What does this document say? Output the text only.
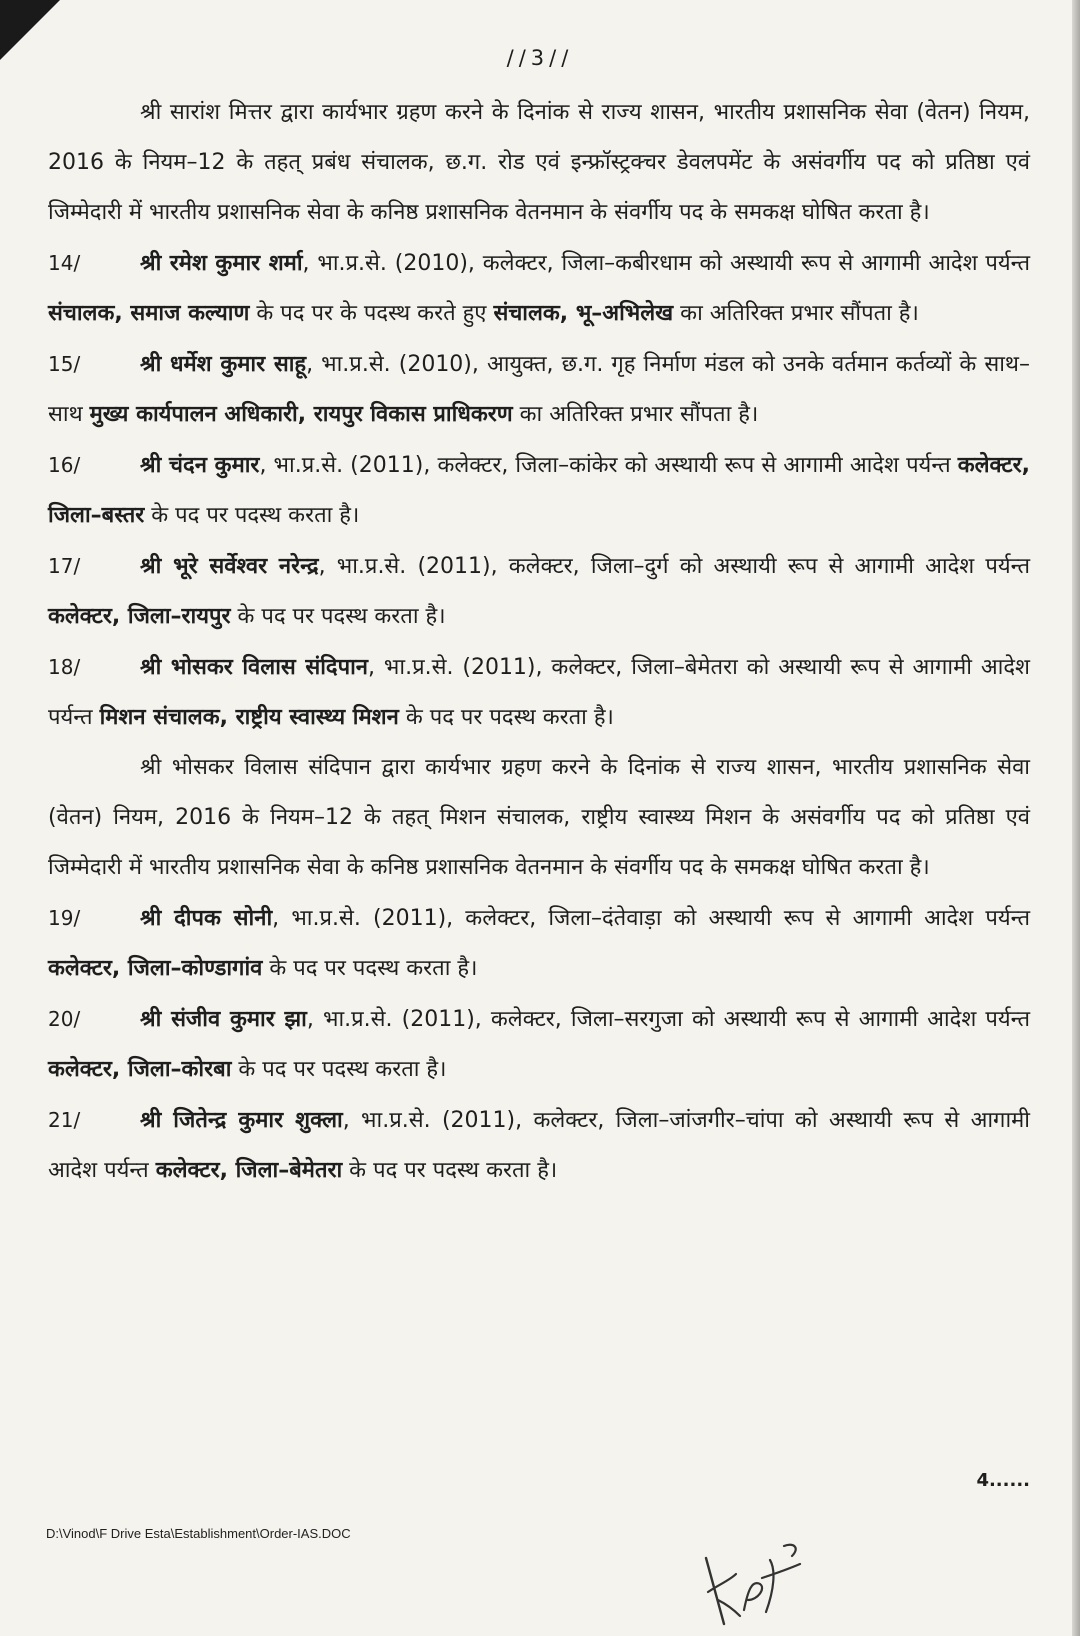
//3//

श्री सारांश मित्तर द्वारा कार्यभार ग्रहण करने के दिनांक से राज्य शासन, भारतीय प्रशासनिक सेवा (वेतन) नियम, 2016 के नियम–12 के तहत् प्रबंध संचालक, छ.ग. रोड एवं इन्फ्रॉस्ट्रक्चर डेवलपमेंट के असंवर्गीय पद को प्रतिष्ठा एवं जिम्मेदारी में भारतीय प्रशासनिक सेवा के कनिष्ठ प्रशासनिक वेतनमान के संवर्गीय पद के समकक्ष घोषित करता है।

14/	श्री रमेश कुमार शर्मा, भा.प्र.से. (2010), कलेक्टर, जिला–कबीरधाम को अस्थायी रूप से आगामी आदेश पर्यन्त संचालक, समाज कल्याण के पद पर के पदस्थ करते हुए संचालक, भू–अभिलेख का अतिरिक्त प्रभार सौंपता है।

15/	श्री धर्मेश कुमार साहू, भा.प्र.से. (2010), आयुक्त, छ.ग. गृह निर्माण मंडल को उनके वर्तमान कर्तव्यों के साथ–साथ मुख्य कार्यपालन अधिकारी, रायपुर विकास प्राधिकरण का अतिरिक्त प्रभार सौंपता है।

16/	श्री चंदन कुमार, भा.प्र.से. (2011), कलेक्टर, जिला–कांकेर को अस्थायी रूप से आगामी आदेश पर्यन्त कलेक्टर, जिला–बस्तर के पद पर पदस्थ करता है।

17/	श्री भूरे सर्वेश्वर नरेन्द्र, भा.प्र.से. (2011), कलेक्टर, जिला–दुर्ग को अस्थायी रूप से आगामी आदेश पर्यन्त कलेक्टर, जिला–रायपुर के पद पर पदस्थ करता है।

18/	श्री भोसकर विलास संदिपान, भा.प्र.से. (2011), कलेक्टर, जिला–बेमेतरा को अस्थायी रूप से आगामी आदेश पर्यन्त मिशन संचालक, राष्ट्रीय स्वास्थ्य मिशन के पद पर पदस्थ करता है।

श्री भोसकर विलास संदिपान द्वारा कार्यभार ग्रहण करने के दिनांक से राज्य शासन, भारतीय प्रशासनिक सेवा (वेतन) नियम, 2016 के नियम–12 के तहत् मिशन संचालक, राष्ट्रीय स्वास्थ्य मिशन के असंवर्गीय पद को प्रतिष्ठा एवं जिम्मेदारी में भारतीय प्रशासनिक सेवा के कनिष्ठ प्रशासनिक वेतनमान के संवर्गीय पद के समकक्ष घोषित करता है।

19/	श्री दीपक सोनी, भा.प्र.से. (2011), कलेक्टर, जिला–दंतेवाड़ा को अस्थायी रूप से आगामी आदेश पर्यन्त कलेक्टर, जिला–कोण्डागांव के पद पर पदस्थ करता है।

20/	श्री संजीव कुमार झा, भा.प्र.से. (2011), कलेक्टर, जिला–सरगुजा को अस्थायी रूप से आगामी आदेश पर्यन्त कलेक्टर, जिला–कोरबा के पद पर पदस्थ करता है।

21/	श्री जितेन्द्र कुमार शुक्ला, भा.प्र.से. (2011), कलेक्टर, जिला–जांजगीर–चांपा को अस्थायी रूप से आगामी आदेश पर्यन्त कलेक्टर, जिला–बेमेतरा के पद पर पदस्थ करता है।

4......
D:\Vinod\F Drive Esta\Establishment\Order-IAS.DOC
